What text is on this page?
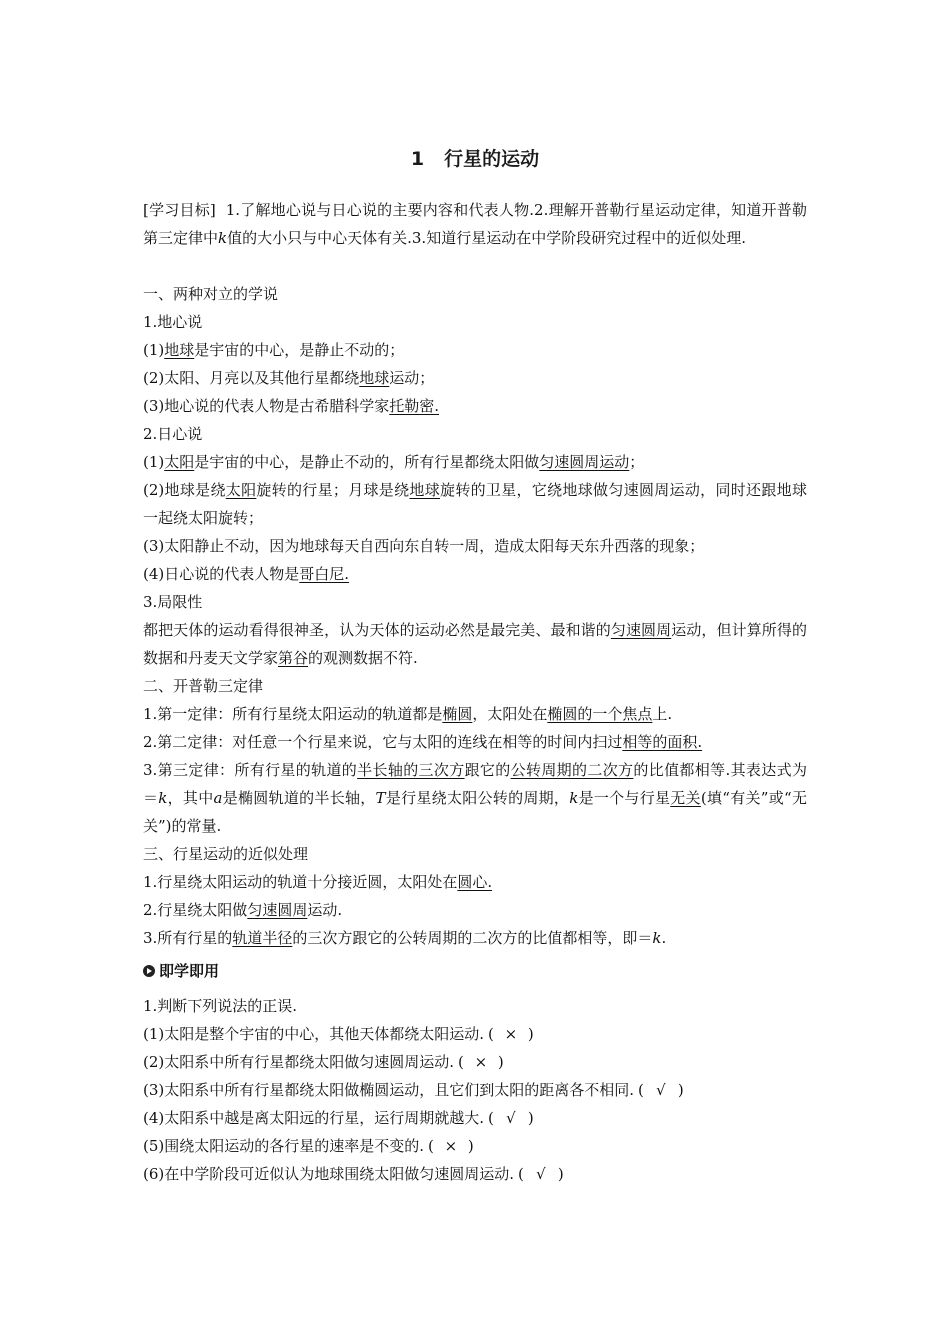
1 行星的运动

[学习目标] 1.了解地心说与日心说的主要内容和代表人物.2.理解开普勒行星运动定律，知道开普勒第三定律中k值的大小只与中心天体有关.3.知道行星运动在中学阶段研究过程中的近似处理.

一、两种对立的学说

1.地心说

(1)地球是宇宙的中心，是静止不动的；

(2)太阳、月亮以及其他行星都绕地球运动；

(3)地心说的代表人物是古希腊科学家托勒密.

2.日心说

(1)太阳是宇宙的中心，是静止不动的，所有行星都绕太阳做匀速圆周运动；

(2)地球是绕太阳旋转的行星；月球是绕地球旋转的卫星，它绕地球做匀速圆周运动，同时还跟地球一起绕太阳旋转；

(3)太阳静止不动，因为地球每天自西向东自转一周，造成太阳每天东升西落的现象；

(4)日心说的代表人物是哥白尼.

3.局限性

都把天体的运动看得很神圣，认为天体的运动必然是最完美、最和谐的匀速圆周运动，但计算所得的数据和丹麦天文学家第谷的观测数据不符.

二、开普勒三定律

1.第一定律：所有行星绕太阳运动的轨道都是椭圆，太阳处在椭圆的一个焦点上.

2.第二定律：对任意一个行星来说，它与太阳的连线在相等的时间内扫过相等的面积.

3.第三定律：所有行星的轨道的半长轴的三次方跟它的公转周期的二次方的比值都相等.其表达式为＝k，其中a是椭圆轨道的半长轴，T是行星绕太阳公转的周期，k是一个与行星无关(填“有关”或“无关”)的常量.

三、行星运动的近似处理

1.行星绕太阳运动的轨道十分接近圆，太阳处在圆心.

2.行星绕太阳做匀速圆周运动.

3.所有行星的轨道半径的三次方跟它的公转周期的二次方的比值都相等，即＝k.

即学即用

1.判断下列说法的正误.

(1)太阳是整个宇宙的中心，其他天体都绕太阳运动. ( × )

(2)太阳系中所有行星都绕太阳做匀速圆周运动. ( × )

(3)太阳系中所有行星都绕太阳做椭圆运动，且它们到太阳的距离各不相同. ( √ )

(4)太阳系中越是离太阳远的行星，运行周期就越大. ( √ )

(5)围绕太阳运动的各行星的速率是不变的. ( × )

(6)在中学阶段可近似认为地球围绕太阳做匀速圆周运动. ( √ )
